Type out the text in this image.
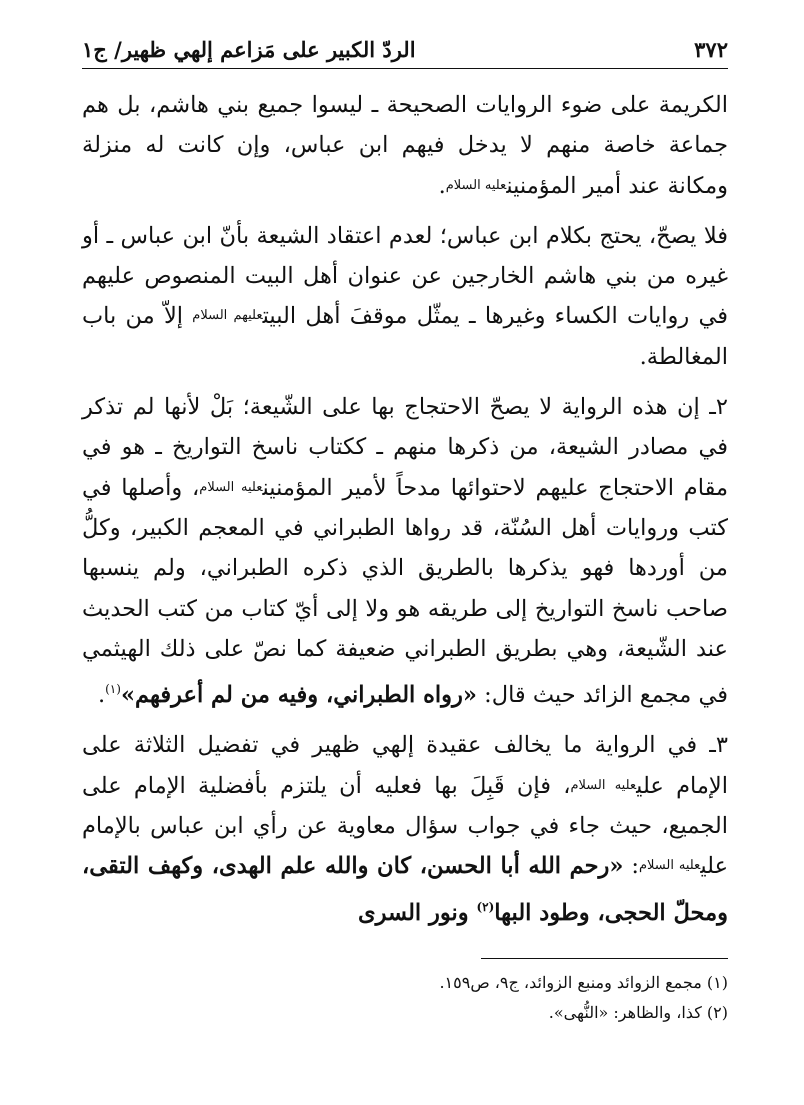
٣٧٢
الردّ الكبير على مَزاعم إلهي ظهير/ ج١

الكريمة على ضوء الروايات الصحيحة ـ ليسوا جميع بني هاشم، بل هم جماعة خاصة منهم لا يدخل فيهم ابن عباس، وإن كانت له منزلة ومكانة عند أمير المؤمنينعليه السلام.

فلا يصحّ، يحتج بكلام ابن عباس؛ لعدم اعتقاد الشيعة بأنّ ابن عباس ـ أو غيره من بني هاشم الخارجين عن عنوان أهل البيت المنصوص عليهم في روايات الكساء وغيرها ـ يمثّل موقفَ أهل البيتعليهم السلام إلاّ من باب المغالطة.

٢ـ إن هذه الرواية لا يصحّ الاحتجاج بها على الشّيعة؛ بَلْ لأنها لم تذكر في مصادر الشيعة، من ذكرها منهم ـ ككتاب ناسخ التواريخ ـ هو في مقام الاحتجاج عليهم لاحتوائها مدحاً لأمير المؤمنينعليه السلام، وأصلها في كتب وروايات أهل السُنّة، قد رواها الطبراني في المعجم الكبير، وكلُّ من أوردها فهو يذكرها بالطريق الذي ذكره الطبراني، ولم ينسبها صاحب ناسخ التواريخ إلى طريقه هو ولا إلى أيّ كتاب من كتب الحديث عند الشّيعة، وهي بطريق الطبراني ضعيفة كما نصّ على ذلك الهيثمي في مجمع الزائد حيث قال: «رواه الطبراني، وفيه من لم أعرفهم»$^{(١)}$.

٣ـ في الرواية ما يخالف عقيدة إلهي ظهير في تفضيل الثلاثة على الإمام عليعليه السلام، فإن قَبِلَ بها فعليه أن يلتزم بأفضلية الإمام على الجميع، حيث جاء في جواب سؤال معاوية عن رأي ابن عباس بالإمام عليعليه السلام: «رحم الله أبا الحسن، كان والله علم الهدى، وكهف التقى، ومحلّ الحجى، وطود البها$^{(٢)}$ ونور السرى

(١) مجمع الزوائد ومنبع الزوائد، ج٩، ص١٥٩.
(٢) كذا، والظاهر: «النُّهى».
